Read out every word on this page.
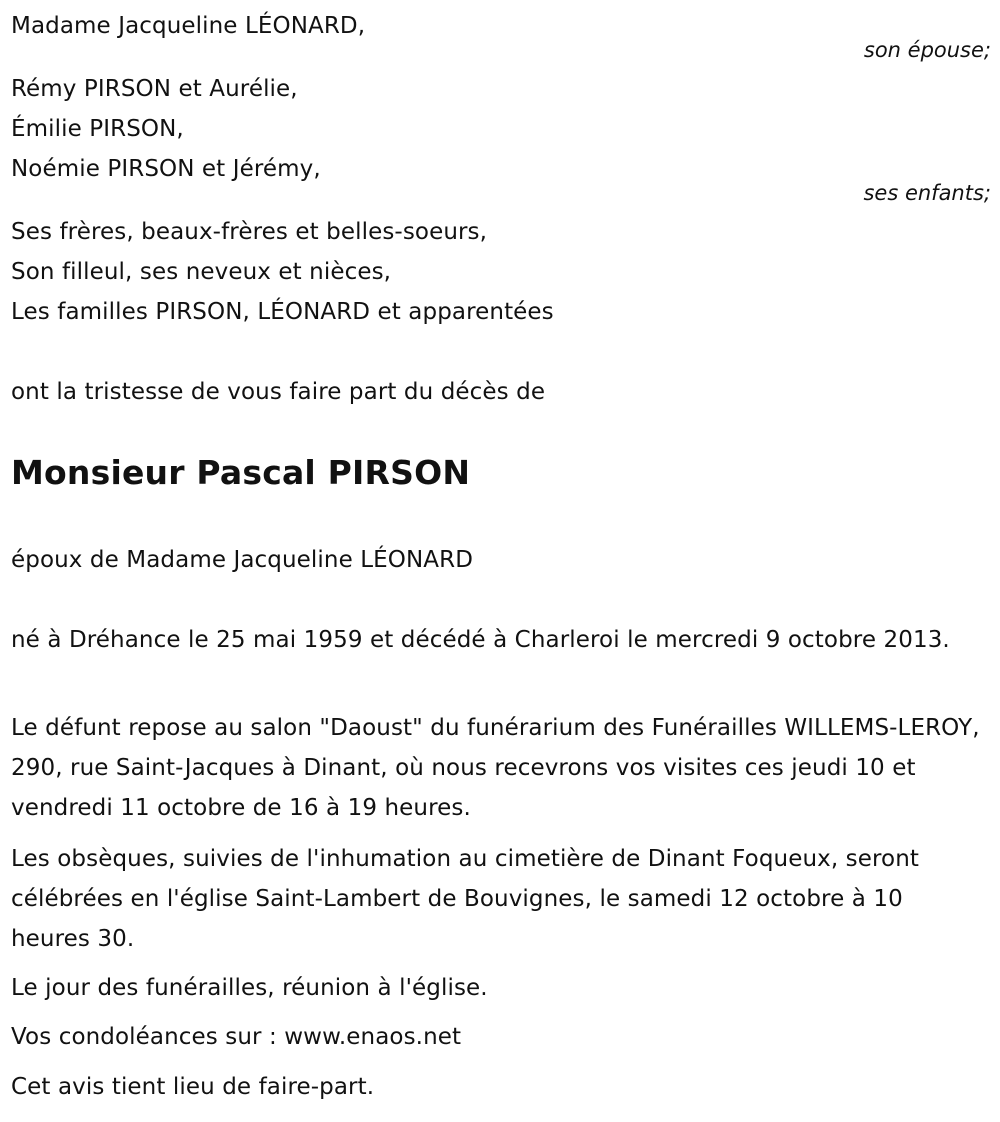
Madame Jacqueline LÉONARD,
son épouse;
Rémy PIRSON et Aurélie,
Émilie PIRSON,
Noémie PIRSON et Jérémy,
ses enfants;
Ses frères, beaux-frères et belles-soeurs,
Son filleul, ses neveux et nièces,
Les familles PIRSON, LÉONARD et apparentées
ont la tristesse de vous faire part du décès de
Monsieur Pascal PIRSON
époux de Madame Jacqueline LÉONARD
né à Dréhance le 25 mai 1959 et décédé à Charleroi le mercredi 9 octobre 2013.
Le défunt repose au salon "Daoust" du funérarium des Funérailles WILLEMS-LEROY, 290, rue Saint-Jacques à Dinant, où nous recevrons vos visites ces jeudi 10 et vendredi 11 octobre de 16 à 19 heures.
Les obsèques, suivies de l'inhumation au cimetière de Dinant Foqueux, seront célébrées en l'église Saint-Lambert de Bouvignes, le samedi 12 octobre à 10 heures 30.
Le jour des funérailles, réunion à l'église.
Vos condoléances sur : www.enaos.net
Cet avis tient lieu de faire-part.
